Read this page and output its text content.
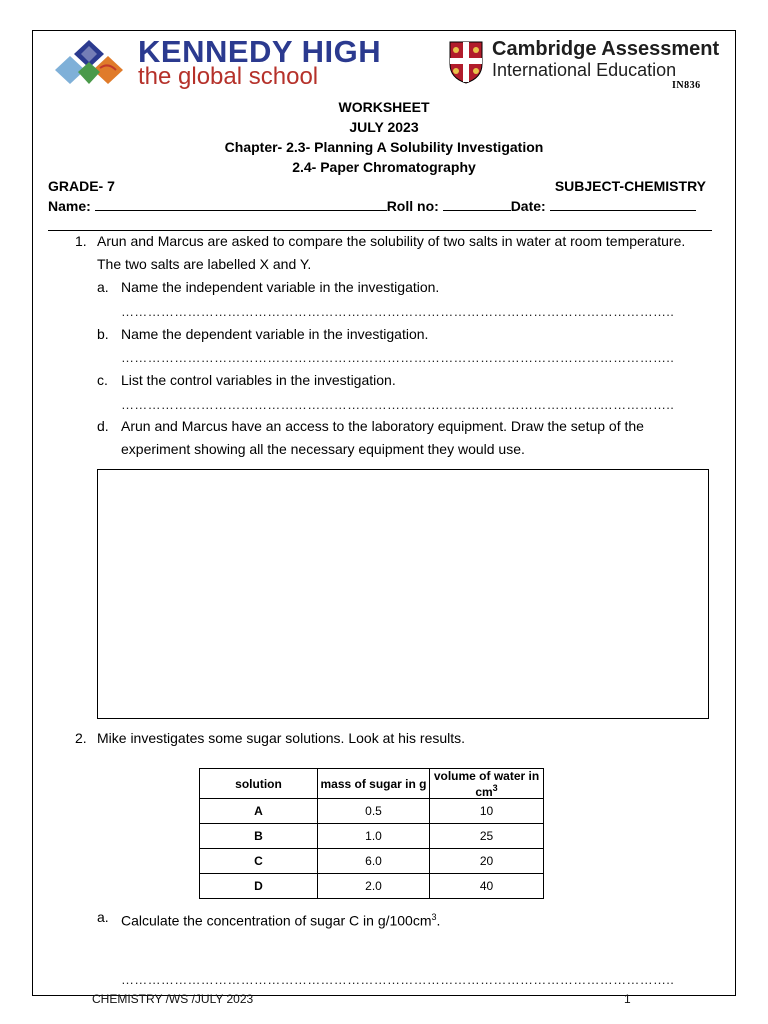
KENNEDY HIGH
the global school
Cambridge Assessment
International Education
IN836
WORKSHEET
JULY 2023
Chapter- 2.3- Planning A Solubility Investigation
2.4- Paper Chromatography
GRADE- 7	SUBJECT-CHEMISTRY
Name:	Roll no:	Date:
1. Arun and Marcus are asked to compare the solubility of two salts in water at room temperature.
The two salts are labelled X and Y.
a. Name the independent variable in the investigation.
……………………………………………………………………………………………………………..
b. Name the dependent variable in the investigation.
……………………………………………………………………………………………………………..
c. List the control variables in the investigation.
……………………………………………………………………………………………………………..
d. Arun and Marcus have an access to the laboratory equipment. Draw the setup of the
experiment showing all the necessary equipment they would use.
2. Mike investigates some sugar solutions. Look at his results.
solution	mass of sugar in g	volume of water in $cm^3$
A	0.5	10
B	1.0	25
C	6.0	20
D	2.0	40
a. Calculate the concentration of sugar C in $g/100cm^3$.
……………………………………………………………………………………………………………..
CHEMISTRY /WS /JULY 2023	1
